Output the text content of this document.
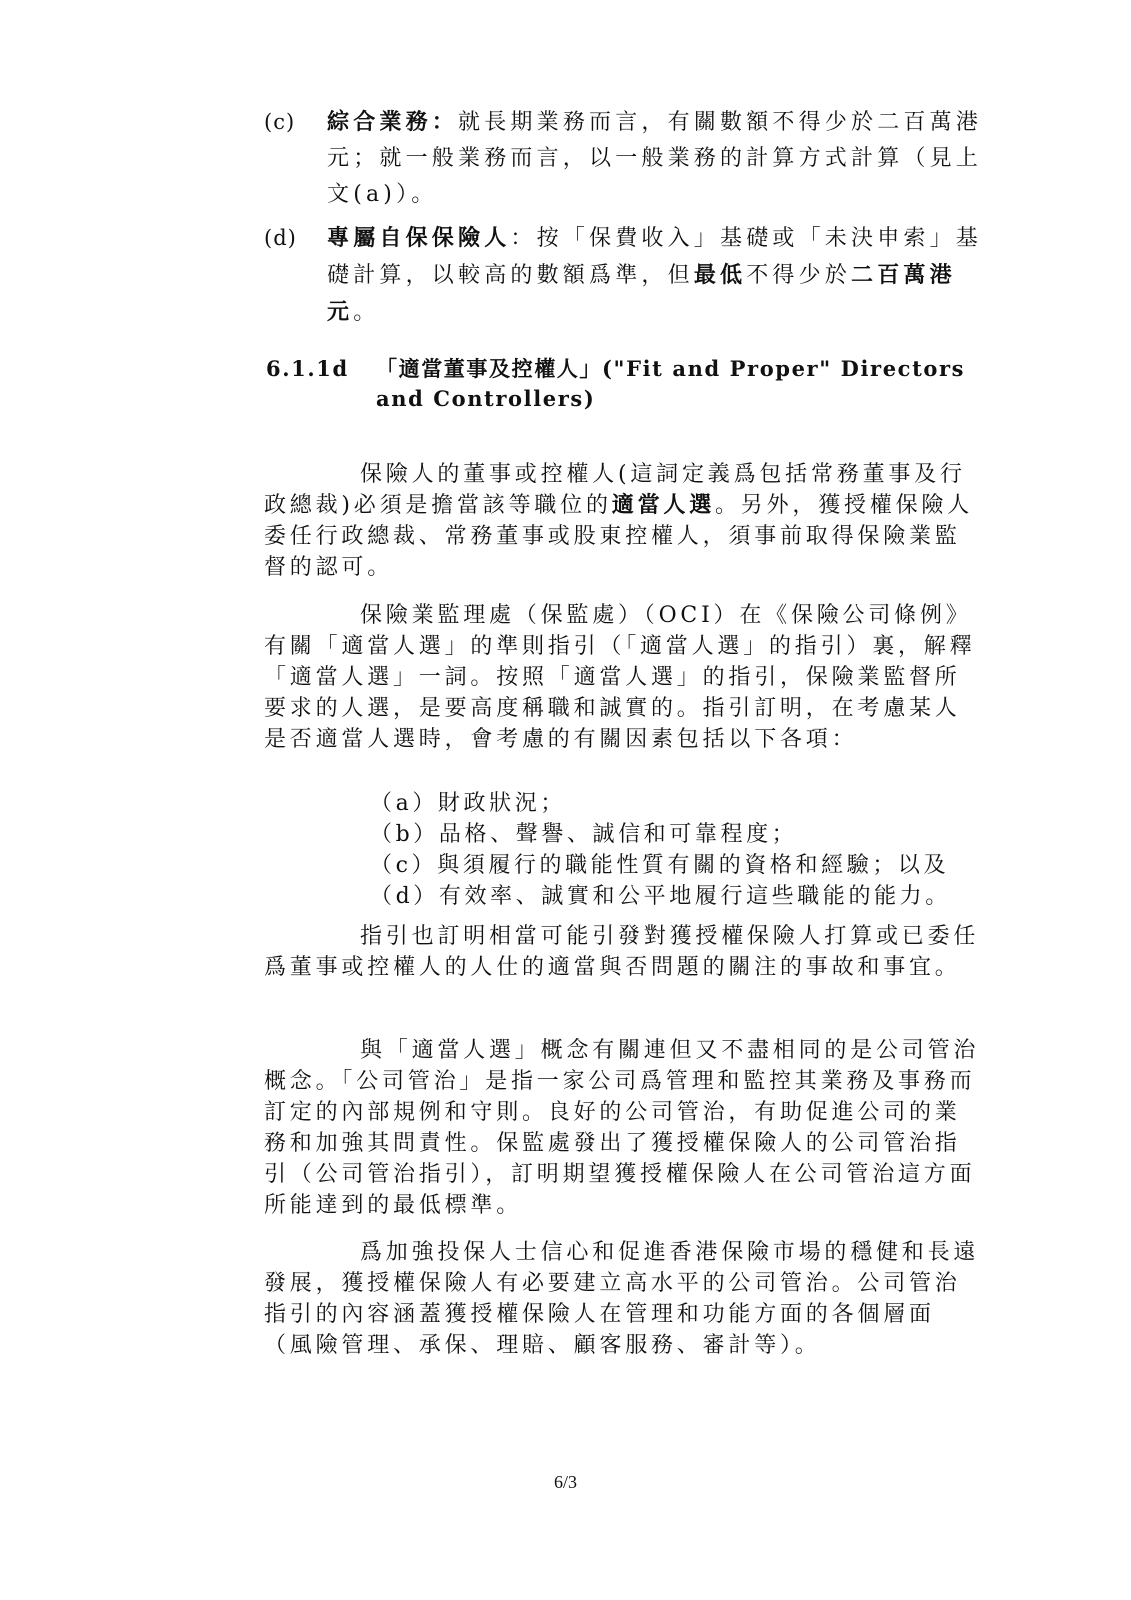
(c) 綜合業務：就長期業務而言，有關數額不得少於二百萬港元；就一般業務而言，以一般業務的計算方式計算（見上文(a)）。
(d) 專屬自保保險人：按「保費收入」基礎或「未決申索」基礎計算，以較高的數額爲準，但最低不得少於二百萬港元。
6.1.1d 「適當董事及控權人」("Fit and Proper" Directors and Controllers)

保險人的董事或控權人(這詞定義爲包括常務董事及行政總裁)必須是擔當該等職位的適當人選。另外，獲授權保險人委任行政總裁、常務董事或股東控權人，須事前取得保險業監督的認可。

保險業監理處（保監處）（OCI）在《保險公司條例》有關「適當人選」的準則指引（「適當人選」的指引）裏，解釋「適當人選」一詞。按照「適當人選」的指引，保險業監督所要求的人選，是要高度稱職和誠實的。指引訂明，在考慮某人是否適當人選時，會考慮的有關因素包括以下各項：

（a）財政狀況；
（b）品格、聲譽、誠信和可靠程度；
（c）與須履行的職能性質有關的資格和經驗；以及
（d）有效率、誠實和公平地履行這些職能的能力。

指引也訂明相當可能引發對獲授權保險人打算或已委任爲董事或控權人的人仕的適當與否問題的關注的事故和事宜。

與「適當人選」概念有關連但又不盡相同的是公司管治概念。「公司管治」是指一家公司爲管理和監控其業務及事務而訂定的內部規例和守則。良好的公司管治，有助促進公司的業務和加強其問責性。保監處發出了獲授權保險人的公司管治指引（公司管治指引），訂明期望獲授權保險人在公司管治這方面所能達到的最低標準。

爲加強投保人士信心和促進香港保險市場的穩健和長遠發展，獲授權保險人有必要建立高水平的公司管治。公司管治指引的內容涵蓋獲授權保險人在管理和功能方面的各個層面（風險管理、承保、理賠、顧客服務、審計等）。

6/3
